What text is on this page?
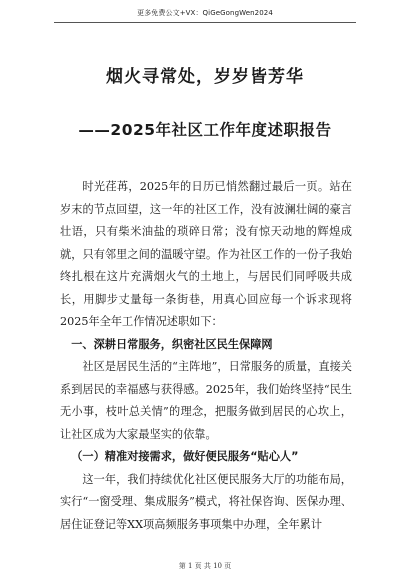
更多免费公文+VX：QiGeGongWen2024
烟火寻常处，岁岁皆芳华
——2025年社区工作年度述职报告

时光荏苒，2025年的日历已悄然翻过最后一页。站在岁末的节点回望，这一年的社区工作，没有波澜壮阔的豪言壮语，只有柴米油盐的琐碎日常；没有惊天动地的辉煌成就，只有邻里之间的温暖守望。作为社区工作的一份子我始终扎根在这片充满烟火气的土地上，与居民们同呼吸共成长，用脚步丈量每一条街巷，用真心回应每一个诉求现将2025年全年工作情况述职如下：

一、深耕日常服务，织密社区民生保障网

社区是居民生活的“主阵地”，日常服务的质量，直接关系到居民的幸福感与获得感。2025年，我们始终坚持“民生无小事，枝叶总关情”的理念，把服务做到居民的心坎上，让社区成为大家最坚实的依靠。

（一）精准对接需求，做好便民服务“贴心人”

这一年，我们持续优化社区便民服务大厅的功能布局，实行“一窗受理、集成服务”模式，将社保咨询、医保办理、居住证登记等XX项高频服务事项集中办理，全年累计

第 1 页 共 10 页
